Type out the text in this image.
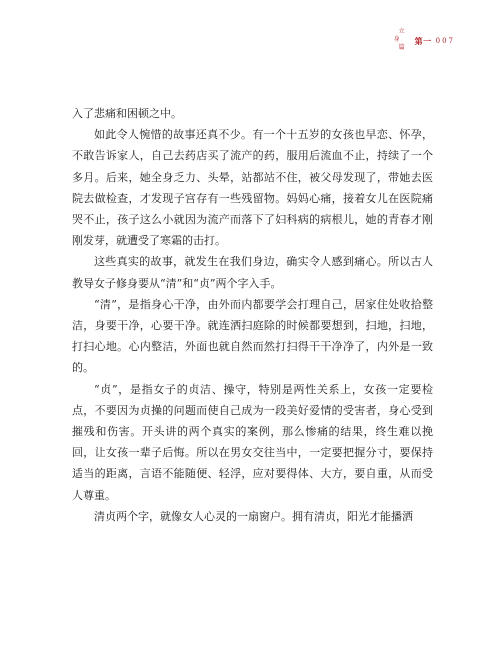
立
身
篇
第一 007

入了悲痛和困顿之中。

如此令人惋惜的故事还真不少。有一个十五岁的女孩也早恋、怀孕，不敢告诉家人，自己去药店买了流产的药，服用后流血不止，持续了一个多月。后来，她全身乏力、头晕，站都站不住，被父母发现了，带她去医院去做检查，才发现子宫存有一些残留物。妈妈心痛，接着女儿在医院痛哭不止，孩子这么小就因为流产而落下了妇科病的病根儿，她的青春才刚刚发芽，就遭受了寒霜的击打。

这些真实的故事，就发生在我们身边，确实令人感到痛心。所以古人教导女子修身要从“清”和“贞”两个字入手。

“清”，是指身心干净，由外而内都要学会打理自己，居家住处收拾整洁，身要干净，心要干净。就连洒扫庭除的时候都要想到，扫地，扫地，打扫心地。心内整洁，外面也就自然而然打扫得干干净净了，内外是一致的。

“贞”，是指女子的贞洁、操守，特别是两性关系上，女孩一定要检点，不要因为贞操的问题而使自己成为一段美好爱情的受害者，身心受到摧残和伤害。开头讲的两个真实的案例，那么惨痛的结果，终生难以挽回，让女孩一辈子后悔。所以在男女交往当中，一定要把握分寸，要保持适当的距离，言语不能随便、轻浮，应对要得体、大方，要自重，从而受人尊重。

清贞两个字，就像女人心灵的一扇窗户。拥有清贞，阳光才能播洒
